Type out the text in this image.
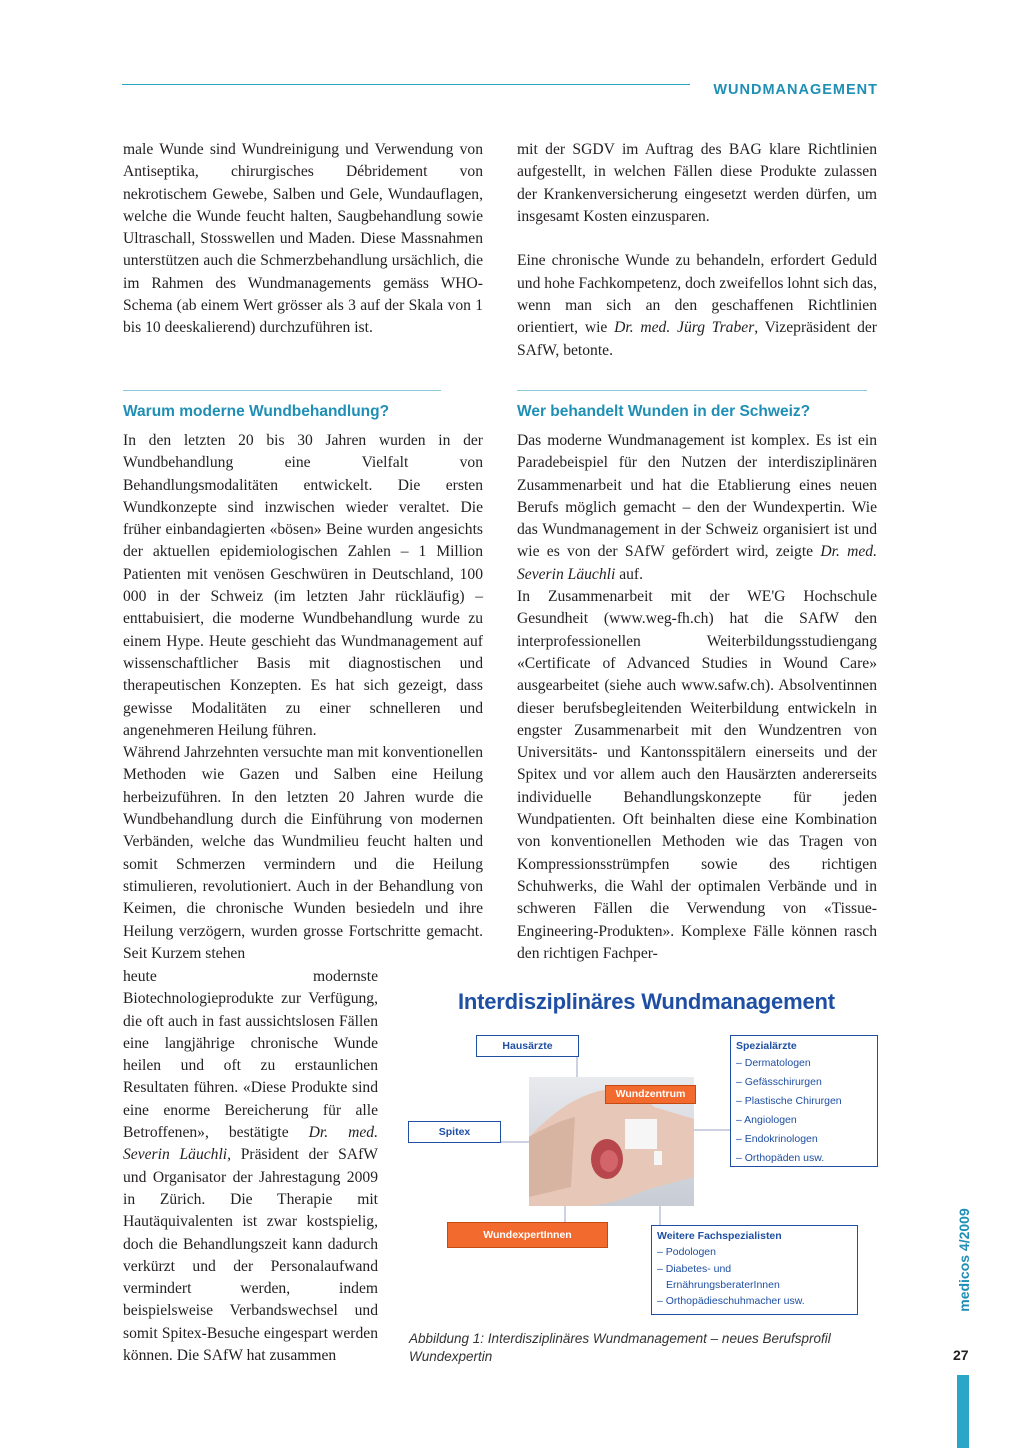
WUNDMANAGEMENT

male Wunde sind Wundreinigung und Verwendung von Antiseptika, chirurgisches Débridement von nekrotischem Gewebe, Salben und Gele, Wundauflagen, welche die Wunde feucht halten, Saugbehandlung sowie Ultraschall, Stosswellen und Maden. Diese Massnahmen unterstützen auch die Schmerzbehandlung ursächlich, die im Rahmen des Wundmanagements gemäss WHO-Schema (ab einem Wert grösser als 3 auf der Skala von 1 bis 10 deeskalierend) durchzuführen ist.

mit der SGDV im Auftrag des BAG klare Richtlinien aufgestellt, in welchen Fällen diese Produkte zulassen der Krankenversicherung eingesetzt werden dürfen, um insgesamt Kosten einzusparen.

Eine chronische Wunde zu behandeln, erfordert Geduld und hohe Fachkompetenz, doch zweifellos lohnt sich das, wenn man sich an den geschaffenen Richtlinien orientiert, wie Dr. med. Jürg Traber, Vizepräsident der SAfW, betonte.

Warum moderne Wundbehandlung?	Wer behandelt Wunden in der Schweiz?

In den letzten 20 bis 30 Jahren wurden in der Wundbehandlung eine Vielfalt von Behandlungsmodalitäten entwickelt. Die ersten Wundkonzepte sind inzwischen wieder veraltet. Die früher einbandagierten «bösen» Beine wurden angesichts der aktuellen epidemiologischen Zahlen – 1 Million Patienten mit venösen Geschwüren in Deutschland, 100 000 in der Schweiz (im letzten Jahr rückläufig) – enttabuisiert, die moderne Wundbehandlung wurde zu einem Hype. Heute geschieht das Wundmanagement auf wissenschaftlicher Basis mit diagnostischen und therapeutischen Konzepten. Es hat sich gezeigt, dass gewisse Modalitäten zu einer schnelleren und angenehmeren Heilung führen.

Während Jahrzehnten versuchte man mit konventionellen Methoden wie Gazen und Salben eine Heilung herbeizuführen. In den letzten 20 Jahren wurde die Wundbehandlung durch die Einführung von modernen Verbänden, welche das Wundmilieu feucht halten und somit Schmerzen vermindern und die Heilung stimulieren, revolutioniert. Auch in der Behandlung von Keimen, die chronische Wunden besiedeln und ihre Heilung verzögern, wurden grosse Fortschritte gemacht. Seit Kurzem stehen

heute modernste Biotechnologieprodukte zur Verfügung, die oft auch in fast aussichtslosen Fällen eine langjährige chronische Wunde heilen und oft zu erstaunlichen Resultaten führen. «Diese Produkte sind eine enorme Bereicherung für alle Betroffenen», bestätigte Dr. med. Severin Läuchli, Präsident der SAfW und Organisator der Jahrestagung 2009 in Zürich. Die Therapie mit Hautäquivalenten ist zwar kostspielig, doch die Behandlungszeit kann dadurch verkürzt und der Personalaufwand vermindert werden, indem beispielsweise Verbandswechsel und somit Spitex-Besuche eingespart werden können. Die SAfW hat zusammen

Das moderne Wundmanagement ist komplex. Es ist ein Paradebeispiel für den Nutzen der interdisziplinären Zusammenarbeit und hat die Etablierung eines neuen Berufs möglich gemacht – den der Wundexpertin. Wie das Wundmanagement in der Schweiz organisiert ist und wie es von der SAfW gefördert wird, zeigte Dr. med. Severin Läuchli auf.

In Zusammenarbeit mit der WE'G Hochschule Gesundheit (www.weg-fh.ch) hat die SAfW den interprofessionellen Weiterbildungsstudiengang «Certificate of Advanced Studies in Wound Care» ausgearbeitet (siehe auch www.safw.ch). Absolventinnen dieser berufsbegleitenden Weiterbildung entwickeln in engster Zusammenarbeit mit den Wundzentren von Universitäts- und Kantonsspitälern einerseits und der Spitex und vor allem auch den Hausärzten andererseits individuelle Behandlungskonzepte für jeden Wundpatienten. Oft beinhalten diese eine Kombination von konventionellen Methoden wie das Tragen von Kompressionsstrümpfen sowie des richtigen Schuhwerks, die Wahl der optimalen Verbände und in schweren Fällen die Verwendung von «Tissue-Engineering-Produkten». Komplexe Fälle können rasch den richtigen Fachper-

Interdisziplinäres Wundmanagement
Hausärzte
Spitex
Wundzentrum
WundexpertInnen
Spezialärzte
– Dermatologen
– Gefässchirurgen
– Plastische Chirurgen
– Angiologen
– Endokrinologen
– Orthopäden usw.
Weitere Fachspezialisten
– Podologen
– Diabetes- und
ErnährungsberaterInnen
– Orthopädieschuhmacher usw.
Abbildung 1: Interdisziplinäres Wundmanagement – neues Berufsprofil Wundexpertin
medicos 4/2009
27
